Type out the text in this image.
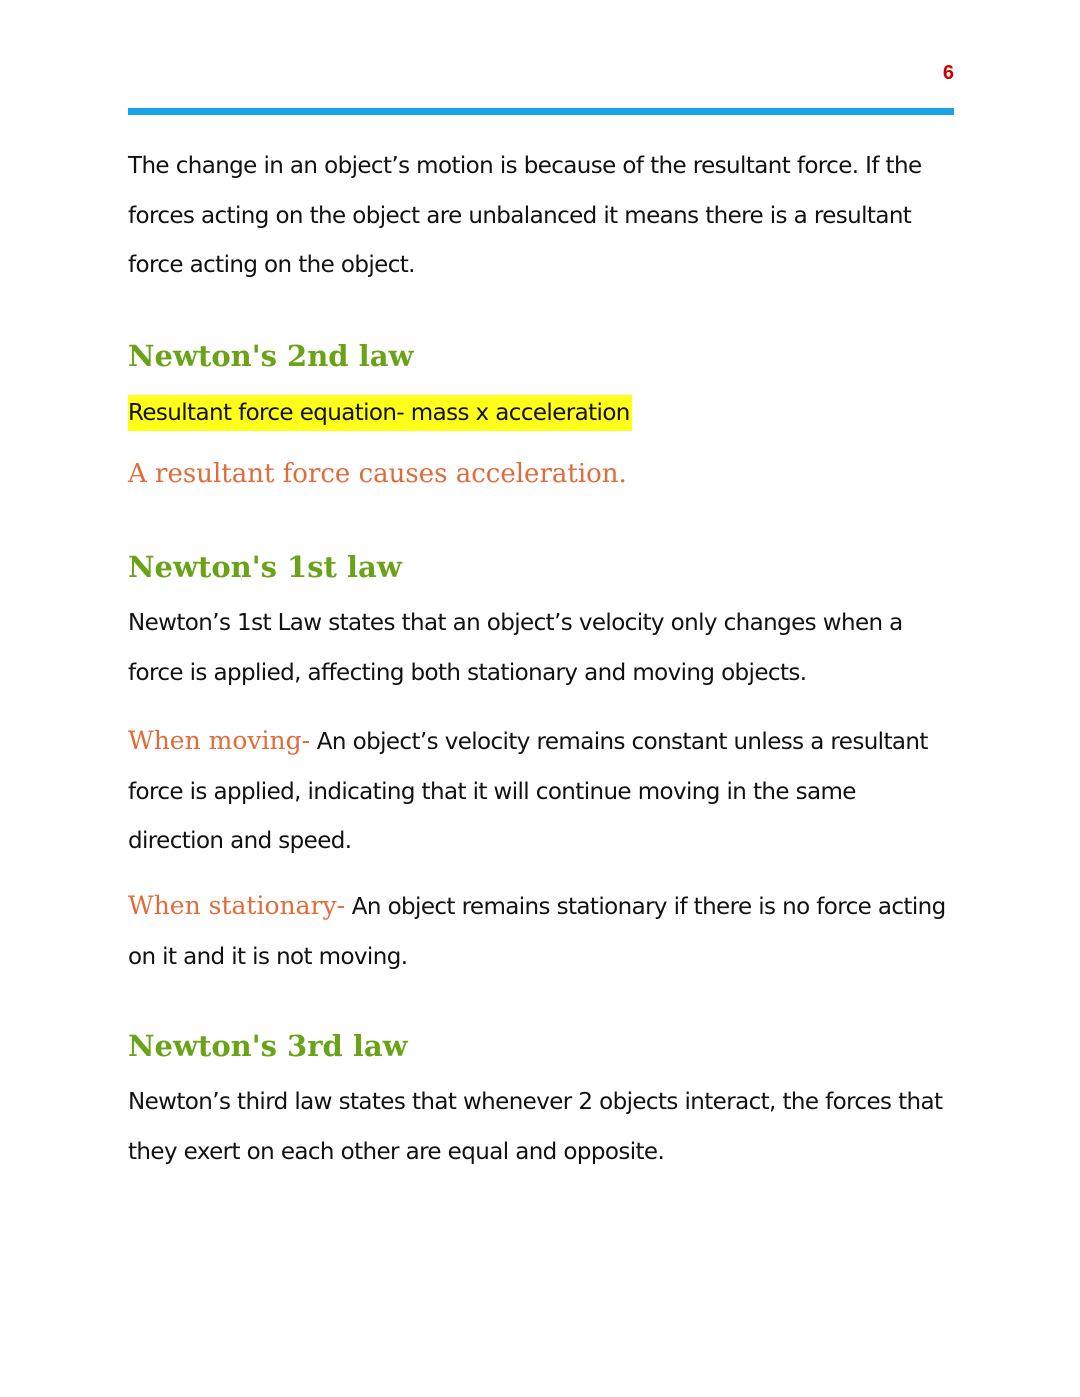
6

The change in an object’s motion is because of the resultant force. If the forces acting on the object are unbalanced it means there is a resultant force acting on the object.

Newton's 2nd law
Resultant force equation- mass x acceleration

A resultant force causes acceleration.

Newton's 1st law

Newton’s 1st Law states that an object’s velocity only changes when a force is applied, affecting both stationary and moving objects.

When moving- An object’s velocity remains constant unless a resultant force is applied, indicating that it will continue moving in the same direction and speed.

When stationary- An object remains stationary if there is no force acting on it and it is not moving.

Newton's 3rd law

Newton’s third law states that whenever 2 objects interact, the forces that they exert on each other are equal and opposite.
